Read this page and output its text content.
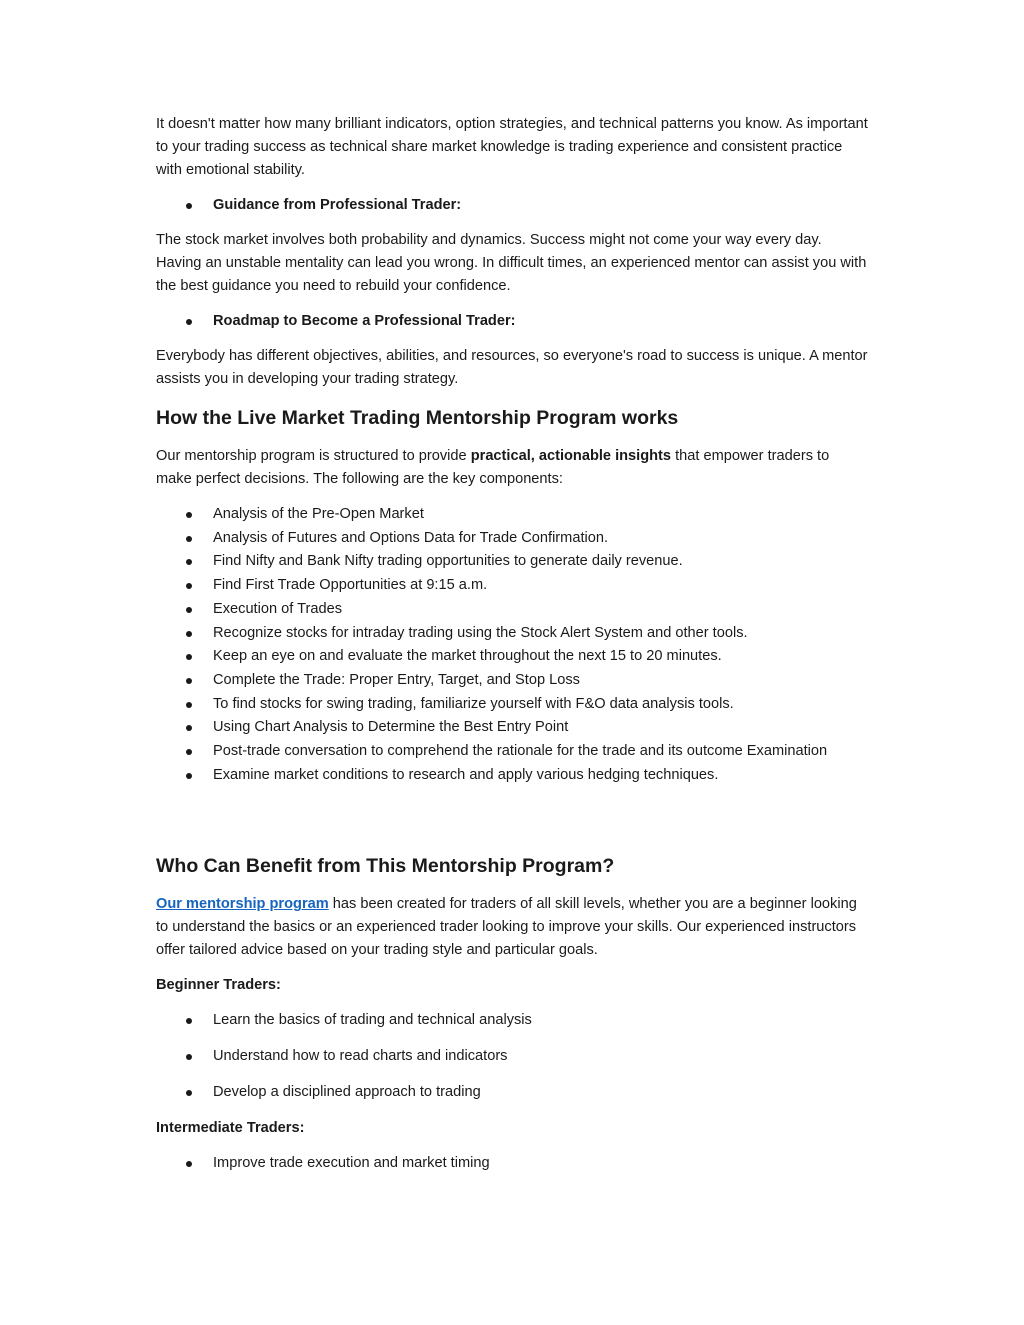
It doesn't matter how many brilliant indicators, option strategies, and technical patterns you know. As important to your trading success as technical share market knowledge is trading experience and consistent practice with emotional stability.

Guidance from Professional Trader:

The stock market involves both probability and dynamics. Success might not come your way every day. Having an unstable mentality can lead you wrong. In difficult times, an experienced mentor can assist you with the best guidance you need to rebuild your confidence.

Roadmap to Become a Professional Trader:

Everybody has different objectives, abilities, and resources, so everyone's road to success is unique. A mentor assists you in developing your trading strategy.

How the Live Market Trading Mentorship Program works

Our mentorship program is structured to provide practical, actionable insights that empower traders to make perfect decisions. The following are the key components:

Analysis of the Pre-Open Market
Analysis of Futures and Options Data for Trade Confirmation.
Find Nifty and Bank Nifty trading opportunities to generate daily revenue.
Find First Trade Opportunities at 9:15 a.m.
Execution of Trades
Recognize stocks for intraday trading using the Stock Alert System and other tools.
Keep an eye on and evaluate the market throughout the next 15 to 20 minutes.
Complete the Trade: Proper Entry, Target, and Stop Loss
To find stocks for swing trading, familiarize yourself with F&O data analysis tools.
Using Chart Analysis to Determine the Best Entry Point
Post-trade conversation to comprehend the rationale for the trade and its outcome Examination
Examine market conditions to research and apply various hedging techniques.
Who Can Benefit from This Mentorship Program?

Our mentorship program has been created for traders of all skill levels, whether you are a beginner looking to understand the basics or an experienced trader looking to improve your skills. Our experienced instructors offer tailored advice based on your trading style and particular goals.

Beginner Traders:
Learn the basics of trading and technical analysis
Understand how to read charts and indicators
Develop a disciplined approach to trading
Intermediate Traders:
Improve trade execution and market timing
